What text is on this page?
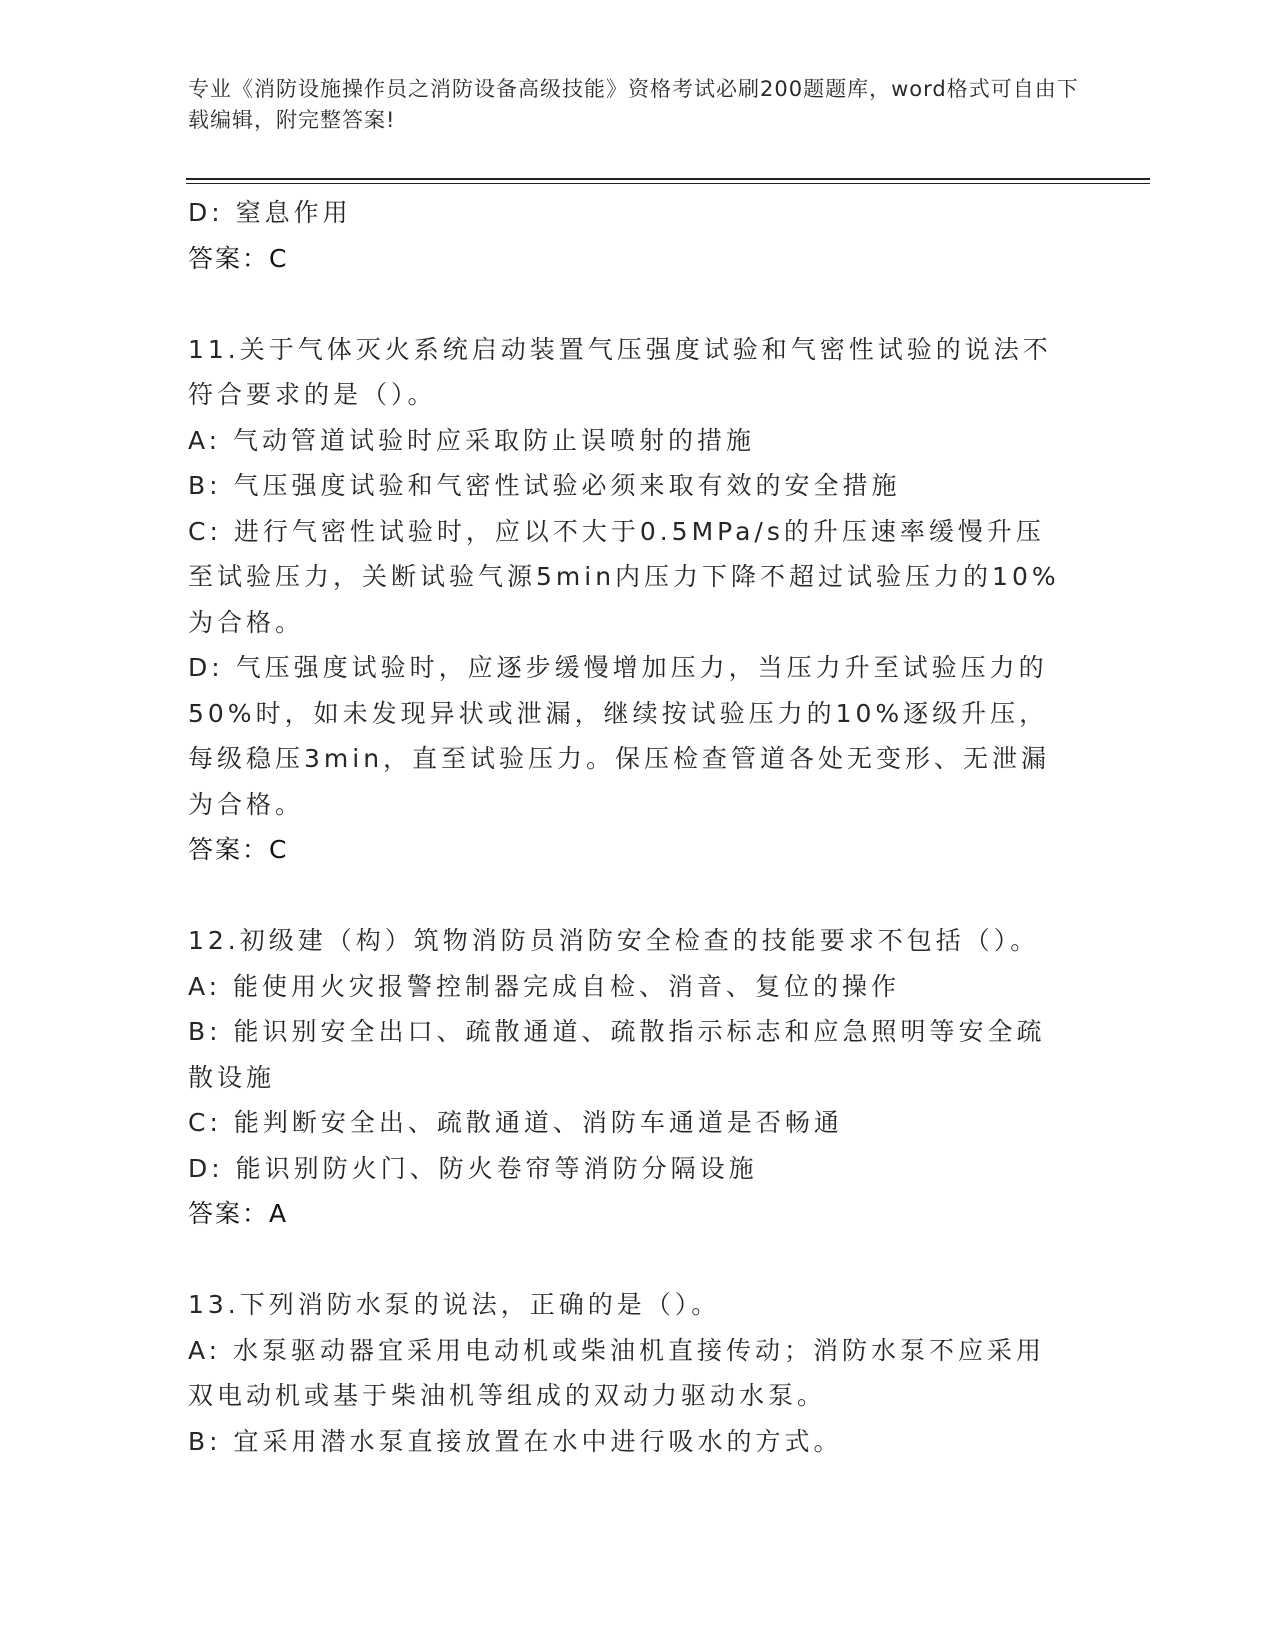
专业《消防设施操作员之消防设备高级技能》资格考试必刷200题题库，word格式可自由下载编辑，附完整答案!
D: 窒息作用
答案：C
11.关于气体灭火系统启动装置气压强度试验和气密性试验的说法不符合要求的是（）。
A: 气动管道试验时应采取防止误喷射的措施
B: 气压强度试验和气密性试验必须来取有效的安全措施
C: 进行气密性试验时，应以不大于0.5MPa/s的升压速率缓慢升压至试验压力，关断试验气源5min内压力下降不超过试验压力的10%为合格。
D: 气压强度试验时，应逐步缓慢增加压力，当压力升至试验压力的50%时，如未发现异状或泄漏，继续按试验压力的10%逐级升压，每级稳压3min，直至试验压力。保压检查管道各处无变形、无泄漏为合格。
答案：C
12.初级建（构）筑物消防员消防安全检查的技能要求不包括（）。
A: 能使用火灾报警控制器完成自检、消音、复位的操作
B: 能识别安全出口、疏散通道、疏散指示标志和应急照明等安全疏散设施
C: 能判断安全出、疏散通道、消防车通道是否畅通
D: 能识别防火门、防火卷帘等消防分隔设施
答案：A
13.下列消防水泵的说法，正确的是（）。
A: 水泵驱动器宜采用电动机或柴油机直接传动；消防水泵不应采用双电动机或基于柴油机等组成的双动力驱动水泵。
B: 宜采用潜水泵直接放置在水中进行吸水的方式。
